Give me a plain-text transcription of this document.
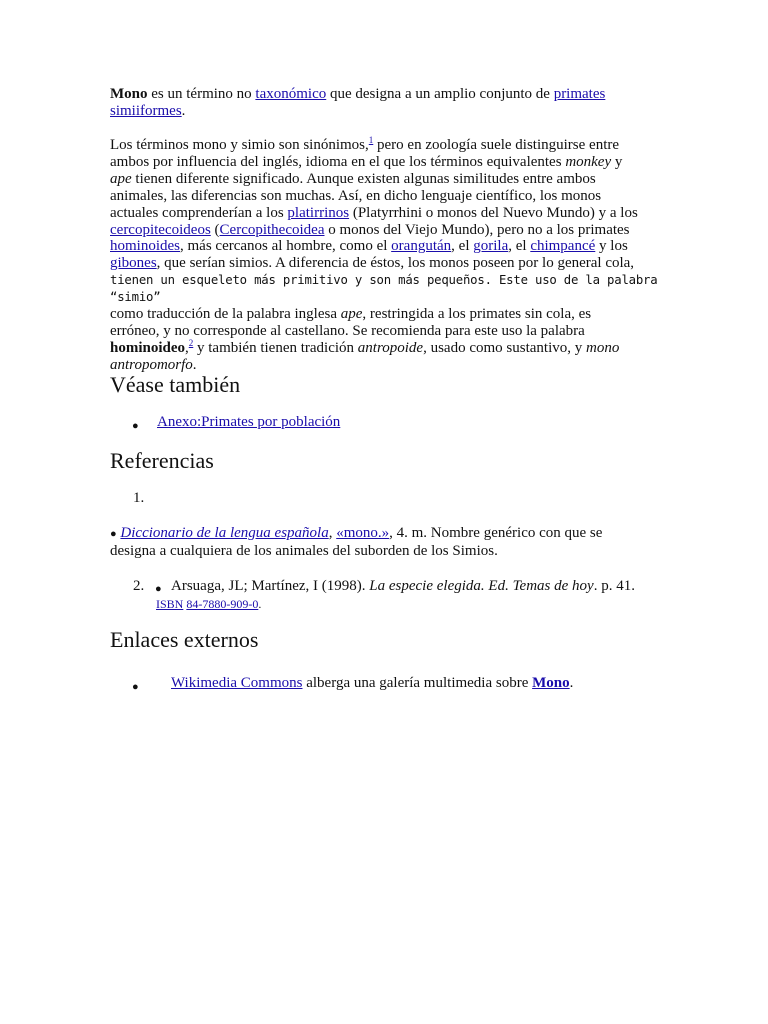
Mono es un término no taxonómico que designa a un amplio conjunto de primates
simiiformes.

Los términos mono y simio son sinónimos,$^1$ pero en zoología suele distinguirse entre
ambos por influencia del inglés, idioma en el que los términos equivalentes monkey y
ape tienen diferente significado. Aunque existen algunas similitudes entre ambos
animales, las diferencias son muchas. Así, en dicho lenguaje científico, los monos
actuales comprenderían a los platirrinos (Platyrrhini o monos del Nuevo Mundo) y a los
cercopitecoideos (Cercopithecoidea o monos del Viejo Mundo), pero no a los primates
hominoides, más cercanos al hombre, como el orangután, el gorila, el chimpancé y los
gibones, que serían simios. A diferencia de éstos, los monos poseen por lo general cola,
tienen un esqueleto más primitivo y son más pequeños. Este uso de la palabra “simio”
como traducción de la palabra inglesa ape, restringida a los primates sin cola, es
erróneo, y no corresponde al castellano. Se recomienda para este uso la palabra
hominoideo,$^2$ y también tienen tradición antropoide, usado como sustantivo, y mono
antropomorfo.

Véase también
● Anexo:Primates por población
Referencias
1.

● Diccionario de la lengua española, «mono.», 4. m. Nombre genérico con que se
designa a cualquiera de los animales del suborden de los Simios.

2. ● Arsuaga, JL; Martínez, I (1998). La especie elegida. Ed. Temas de hoy. p. 41.

ISBN 84-7880-909-0.

Enlaces externos
● Wikimedia Commons alberga una galería multimedia sobre Mono.
